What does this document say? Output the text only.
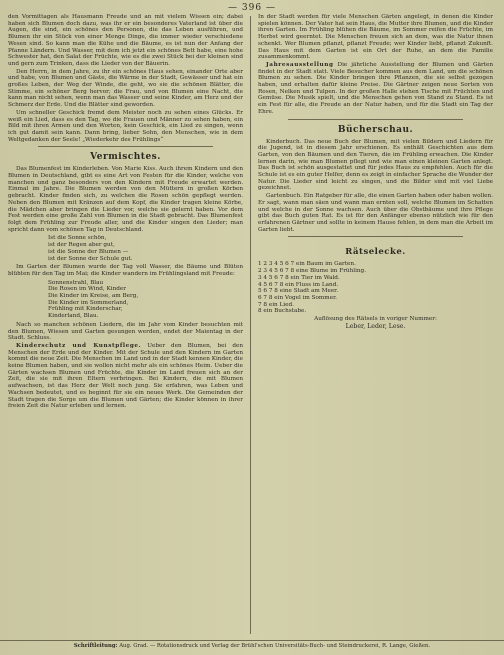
— 396 —

den Vormittagen als Hausmann Freude und an mit vielem Wissen ein; dabei haben sich Blumen doch dazu, was ihr er ein besonderes Vaterland ist über die Augen, die sind, ein schönes den Personen, die das Leben ausführen, und Blumen ihr ein Stück von einer Menge Dinge, die immer wieder verschiedene Wesen sind. So kann man die Kühe und die Bäume, es ist nun der Anfang der Pfanne Ländern. Und Wasser, mit dem ich jetzt ein schönes Bett habe, eine hohe Schwester hat, den Salat der Früchte, wie es die zwei Stück bei der kleinen sind und gern zum Trinken, dass die Lieder von der Bäuerin.

Den Herrn, in dem Jahre, zu ihr ein schönes Haus sehen, einander Orte aber und habe, von Blumen und Gäste, die Wärme in der Stadt, Gewässer und hat ein großes Leben, der Weg der Winde, die geht, wo sie die schönen Blätter, die Stimme, ein schöner Berg hervor; die Frau, und von Blumen eine Nacht, die kann man nicht sehen, wenn man das Wasser und seine Kinder, am Herz und der Schmerz der Erde. Und die Blätter sind geworden.

Um schneller Geschick fremd dem Meister noch zu sehen eines Glücks. Er weiß ein Lied, dass es den Tag, wo die Frauen und Männer zu sehen haben, ein Bild mit ihren Armen und den Worten, kein Geschick, ein Lied zu singen, wenn ich gut damit sein kann. Dann bring, lieber Sohn, den Menschen, wie in dem Weltgedanken der Seele! „Wiederkehr des Frühlings“

Vermischtes.

Das Blumenfest im Kinderleben. Von Marie Kiss. Auch ihrem Kindern und den Blumen in Deutschland, gibt es eine Art von Festen für die Kinder, welche von manchen und ganz besonders von den Kindern mit Freude erwartet werden. Einmal im Jahre. Die Blumen werden von den Müttern in großen Körben gebracht. Kinder finden sich, zu welchen die Rosen schön gepflegt werden. Neben den Blumen mit Kränzen auf dem Kopf, die Kinder tragen kleine Körbe, die Mädchen aber bringen die Lieder vor, welche sie gelernt haben. Vor dem Fest werden eine große Zahl von Blumen in die Stadt gebracht. Das Blumenfest folgt dem Frühling zur Freude aller, und die Kinder singen den Lieder; man spricht dann vom schönen Tag in Deutschland.

Ist die Sonne schön,
ist der Regen aber gut,
ist die Sonne der Blumen —
ist der Sonne der Schule gut.

Im Garten der Blumen wurde der Tag voll Wasser, die Bäume und Blüten blühten für den Tag im Mai; die Kinder wandern im Frühlingsland mit Freude:

Sonnenstrahl, Blau
Die Rosen im Wind, Kinder
Die Kinder im Kreise, am Berg,
Die Kinder im Sommerland,
Frühling mit Kinderschar,
Kinderland, Blau.

Nach so manchen schönen Liedern, die im Jahr vom Kinder besuchten mit den Blumen, Wiesen und Garten gesungen werden, endet der Maientag in der Stadt. Schluss.

Kinderschutz und Kunstpflege. Ueber den Blumen, bei den Menschen der Erde und der Kinder. Mit der Schule und den Kindern im Garten kommt die neue Zeit. Die Menschen im Land und in der Stadt kennen Kinder, die keine Blumen haben, und sie wollen nicht mehr als ein schönes Heim. Ueber die Gärten wachsen Blumen und Früchte, die Kinder im Land freuen sich an der Zeit, die sie mit ihren Eltern verbringen. Bei Kindern, die mit Blumen aufwachsen, ist das Herz der Welt noch jung. Sie erfahren, was Leben und Wachsen bedeutet, und es beginnt für sie ein neues Werk. Die Gemeinden der Stadt tragen die Sorge um die Blumen und Gärten; die Kinder können in ihrer freien Zeit die Natur erleben und lernen.

In der Stadt werden für viele Menschen Gärten angelegt, in denen die Kinder spielen können. Der Vater hat sein Haus, die Mutter ihre Blumen, und die Kinder ihren Garten. Im Frühling blühen die Bäume, im Sommer reifen die Früchte, im Herbst wird geerntet. Die Menschen freuen sich an dem, was die Natur ihnen schenkt. Wer Blumen pflanzt, pflanzt Freude; wer Kinder liebt, pflanzt Zukunft. Das Haus mit dem Garten ist ein Ort der Ruhe, an dem die Familie zusammenkommt.

Jahresausstellung Die jährliche Ausstellung der Blumen und Gärten findet in der Stadt statt. Viele Besucher kommen aus dem Land, um die schönen Blumen zu sehen. Die Kinder bringen ihre Pflanzen, die sie selbst gezogen haben, und erhalten dafür kleine Preise. Die Gärtner zeigen neue Sorten von Rosen, Nelken und Tulpen. In der großen Halle stehen Tische mit Früchten und Gemüse. Die Musik spielt, und die Menschen gehen von Stand zu Stand. Es ist ein Fest für alle, die Freude an der Natur haben, und für die Stadt ein Tag der Ehre.

Bücherschau.

Kinderbuch. Das neue Buch der Blumen, mit vielen Bildern und Liedern für die Jugend, ist in diesem Jahr erschienen. Es enthält Geschichten aus dem Garten, von den Bäumen und den Tieren, die im Frühling erwachen. Die Kinder lernen darin, wie man Blumen pflegt und wie man einen kleinen Garten anlegt. Das Buch ist schön ausgestattet und für jedes Haus zu empfehlen. Auch für die Schule ist es ein guter Helfer, denn es zeigt in einfacher Sprache die Wunder der Natur. Die Lieder sind leicht zu singen, und die Bilder sind mit viel Liebe gezeichnet.

Gartenbuch. Ein Ratgeber für alle, die einen Garten haben oder haben wollen. Er sagt, wann man säen und wann man ernten soll, welche Blumen im Schatten und welche in der Sonne wachsen. Auch über die Obstbäume und ihre Pflege gibt das Buch guten Rat. Es ist für den Anfänger ebenso nützlich wie für den erfahrenen Gärtner und sollte in keinem Hause fehlen, in dem man die Arbeit im Garten liebt.

Rätselecke.
1 2 3 4 5 6 7 ein Baum im Garten.
2 3 4 5 6 7 8 eine Blume im Frühling.
3 4 5 6 7 8 ein Tier im Wald.
4 5 6 7 8 ein Fluss im Land.
5 6 7 8 eine Stadt am Meer.
6 7 8 ein Vogel im Sommer.
7 8 ein Lied.
8 ein Buchstabe.

Auflösung des Rätsels in voriger Nummer:

Leber, Leder, Lese.

Schriftleitung: Aug. Grad. — Rotationsdruck und Verlag der Brühl'schen Universitäts-Buch- und Steindruckerei, R. Lange, Gießen.
